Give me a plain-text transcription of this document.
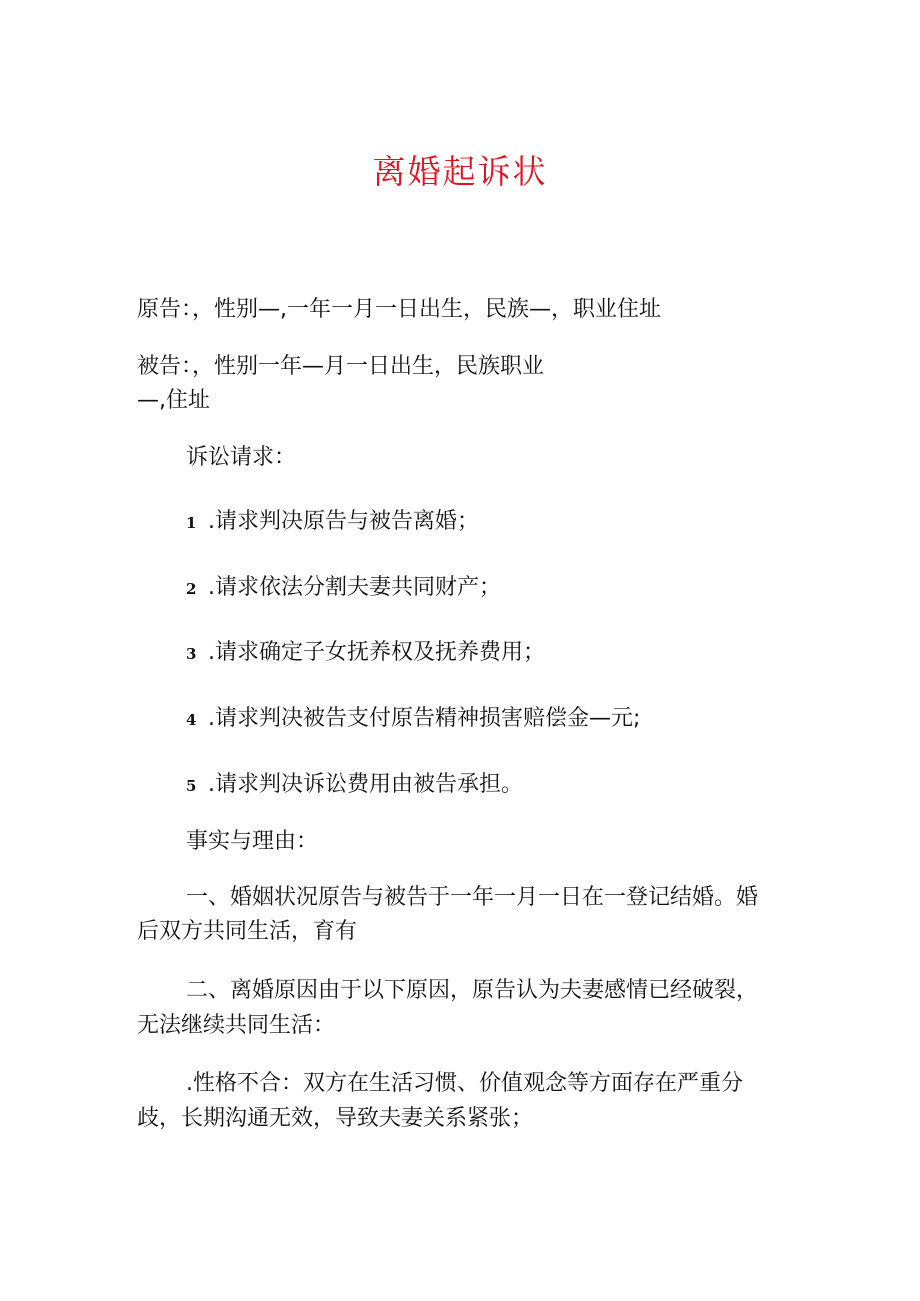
离婚起诉状
原告：，性别—,一年一月一日出生，民族—，职业住址
被告：，性别一年—月一日出生，民族职业
—,住址
诉讼请求：
1 .请求判决原告与被告离婚；
2 .请求依法分割夫妻共同财产；
3 .请求确定子女抚养权及抚养费用；
4 .请求判决被告支付原告精神损害赔偿金—元;
5 .请求判决诉讼费用由被告承担。
事实与理由：
一、婚姻状况原告与被告于一年一月一日在一登记结婚。婚
后双方共同生活，育有
二、离婚原因由于以下原因，原告认为夫妻感情已经破裂，
无法继续共同生活：
.性格不合：双方在生活习惯、价值观念等方面存在严重分
歧，长期沟通无效，导致夫妻关系紧张；
